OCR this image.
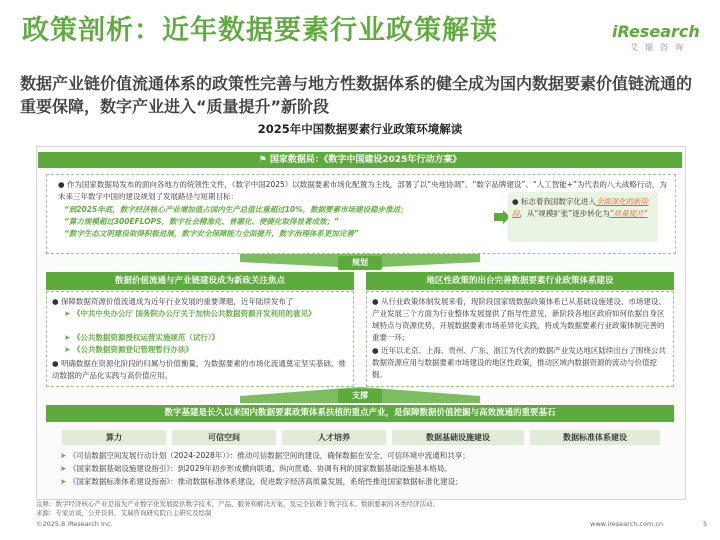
政策剖析：近年数据要素行业政策解读	iResearch
艾瑞咨询
数据产业链价值流通体系的政策性完善与地方性数据体系的健全成为国内数据要素价值链流通的重要保障，数字产业进入“质量提升”新阶段
2025年中国数据要素行业政策环境解读
⚑ 国家数据局：《数字中国建设2025年行动方案》
● 作为国家数据局发布的面向各地方的统领性文件，《数字中国2025》以数据要素市场化配置为主线，部署了以“央地协调”、“数字品牌建设”、“人工智能+”为代表的八大战略行动，为未来三年数字中国的建设规划了发展路径与短期目标：
“到2025年底，数字经济核心产业增加值占国内生产总值比重超过10%，数据要素市场建设稳步推进；
“算力规模超过300EFLOPS，数字社会精准化、普惠化、便捷化取得显著成效；”
“数字生态文明建设取得积极进展，数字安全保障能力全面提升，数字治理体系更加完善”
● 标志着我国数字化进入全面深化的新阶段，从“规模扩张”逐步转化为“质量提升”
规划
数据价值流通与产业链建设成为新政关注焦点
● 保障数据资源价值流通成为近年行业发展的重要课题，近年陆续发布了
➤ 《中共中央办公厅 国务院办公厅关于加快公共数据资源开发利用的意见》
➤ 《公共数据资源授权运营实施规范（试行）》
➤ 《公共数据资源登记管理暂行办法》
● 明确数据在资源化阶段的归属与价值衡量，为数据要素的市场化流通奠定坚实基础，推动数据的产品化实践与高价值应用。
地区性政策的出台完善数据要素行业政策体系建设
● 从行业政策体制发展来看，现阶段国家级数据政策体系已从基础设施建设、市场建设、产业发展三个方面为行业整体发展提供了指导性意见，新阶段各地区政府如何依据自身区域特点与资源优势，开展数据要素市场差异化实践，将成为数据要素行业政策体制完善的重要一环；
● 近年以北京、上海、贵州、广东、浙江为代表的数据产业发达地区陆续出台了围绕公共数据资源应用与数据要素市场建设的地区性政策，推动区域内数据资源的流动与价值挖掘。
支撑
数字基建是长久以来国内数据要素政策体系扶植的重点产业，是保障数据价值挖掘与高效流通的重要基石
算力	可信空间	人才培养	数据基础设施建设	数据标准体系建设
➤ 《可信数据空间发展行动计划（2024-2028年）》：推动可信数据空间的建设，确保数据在安全、可信环境中流通和共享；
➤ 《国家数据基础设施建设指引》：到2029年初步形成横向联通、纵向贯通、协调有利的国家数据基础设施基本格局。
➤ 《国家数据标准体系建设指南》：推动数据标准体系建设，促进数字经济高质量发展，系统性推进国家数据标准化建设；
注释：数字经济核心产业是指为产业数字化发展提供数字技术、产品、服务和解决方案，及完全依赖于数字技术、数据要素的各类经济活动；
来源：专家访谈，公开资料，艾瑞咨询研究院自主研究及绘制
©2025.8 iResearch Inc.	www.iresearch.com.cn	5
